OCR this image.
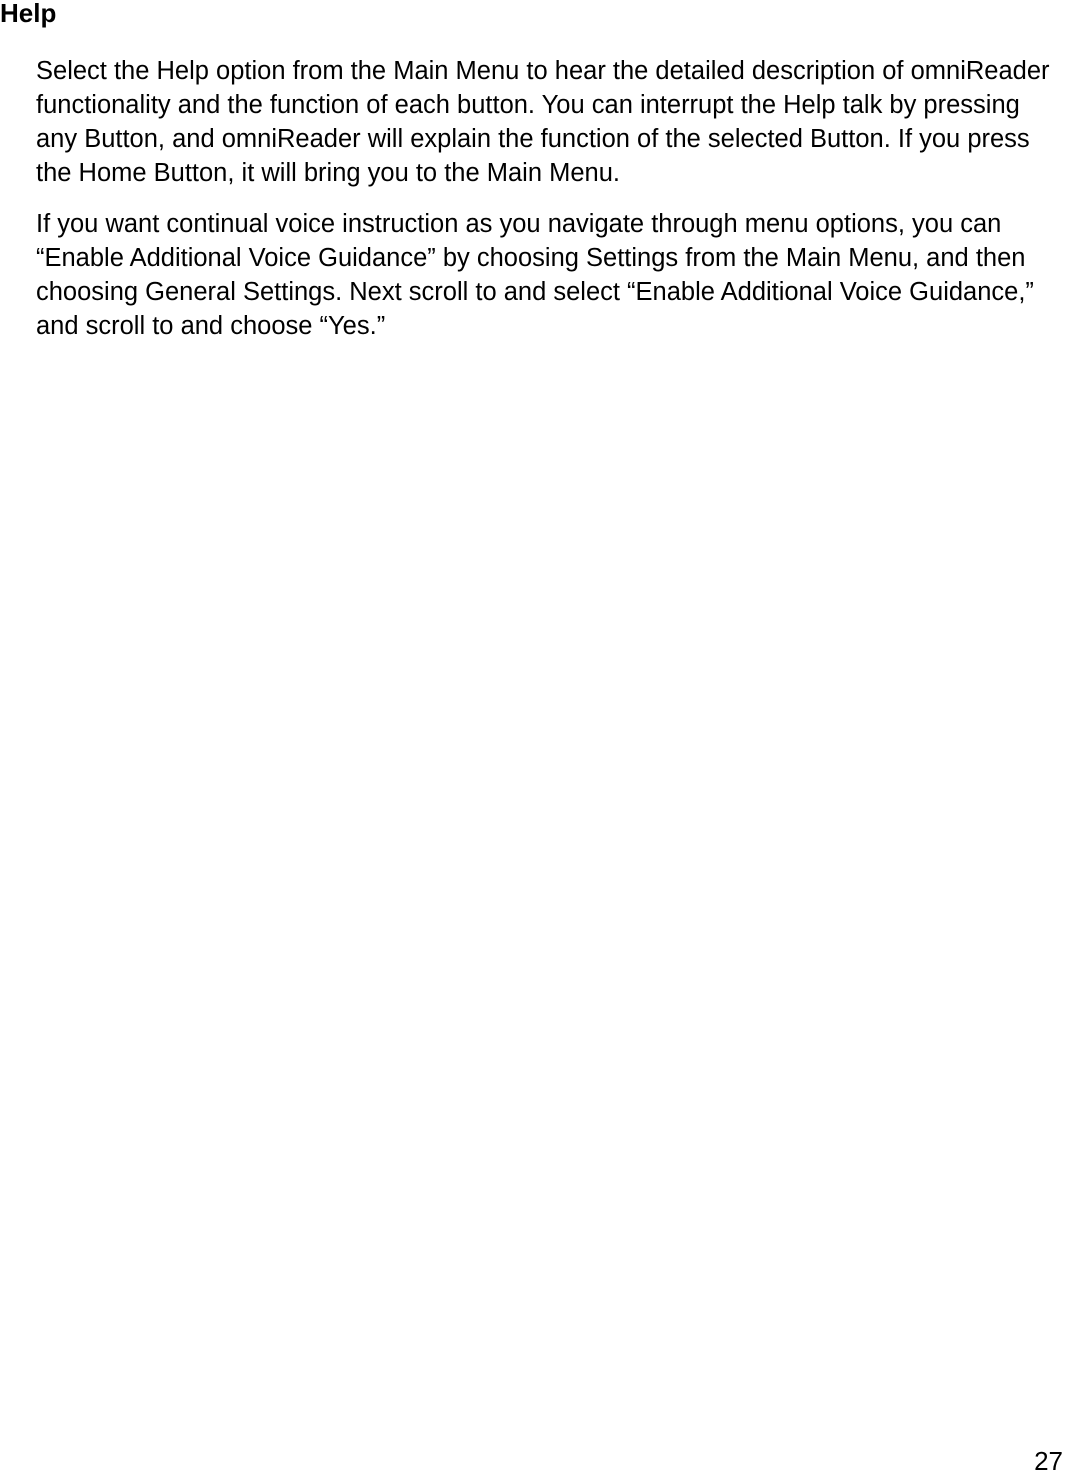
Help

Select the Help option from the Main Menu to hear the detailed description of omniReader functionality and the function of each button. You can interrupt the Help talk by pressing any Button, and omniReader will explain the function of the selected Button. If you press the Home Button, it will bring you to the Main Menu.

If you want continual voice instruction as you navigate through menu options, you can “Enable Additional Voice Guidance” by choosing Settings from the Main Menu, and then choosing General Settings. Next scroll to and select “Enable Additional Voice Guidance,” and scroll to and choose “Yes.”

27
